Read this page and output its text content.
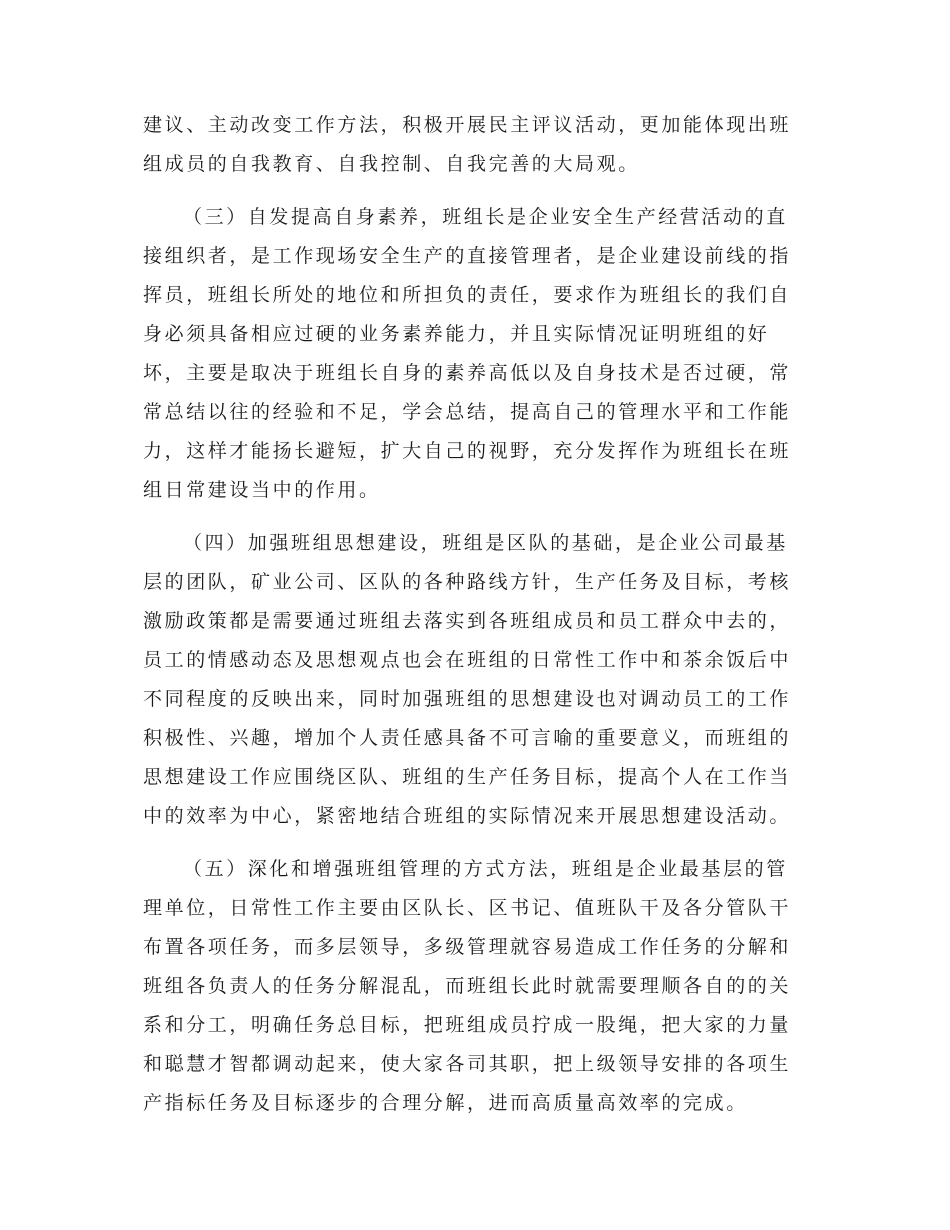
建议、主动改变工作方法，积极开展民主评议活动，更加能体现出班
组成员的自我教育、自我控制、自我完善的大局观。
（三）自发提高自身素养，班组长是企业安全生产经营活动的直
接组织者，是工作现场安全生产的直接管理者，是企业建设前线的指
挥员，班组长所处的地位和所担负的责任，要求作为班组长的我们自
身必须具备相应过硬的业务素养能力，并且实际情况证明班组的好
坏，主要是取决于班组长自身的素养高低以及自身技术是否过硬，常
常总结以往的经验和不足，学会总结，提高自己的管理水平和工作能
力，这样才能扬长避短，扩大自己的视野，充分发挥作为班组长在班
组日常建设当中的作用。
（四）加强班组思想建设，班组是区队的基础，是企业公司最基
层的团队，矿业公司、区队的各种路线方针，生产任务及目标，考核
激励政策都是需要通过班组去落实到各班组成员和员工群众中去的，
员工的情感动态及思想观点也会在班组的日常性工作中和茶余饭后中
不同程度的反映出来，同时加强班组的思想建设也对调动员工的工作
积极性、兴趣，增加个人责任感具备不可言喻的重要意义，而班组的
思想建设工作应围绕区队、班组的生产任务目标，提高个人在工作当
中的效率为中心，紧密地结合班组的实际情况来开展思想建设活动。
（五）深化和增强班组管理的方式方法，班组是企业最基层的管
理单位，日常性工作主要由区队长、区书记、值班队干及各分管队干
布置各项任务，而多层领导，多级管理就容易造成工作任务的分解和
班组各负责人的任务分解混乱，而班组长此时就需要理顺各自的的关
系和分工，明确任务总目标，把班组成员拧成一股绳，把大家的力量
和聪慧才智都调动起来，使大家各司其职，把上级领导安排的各项生
产指标任务及目标逐步的合理分解，进而高质量高效率的完成。
